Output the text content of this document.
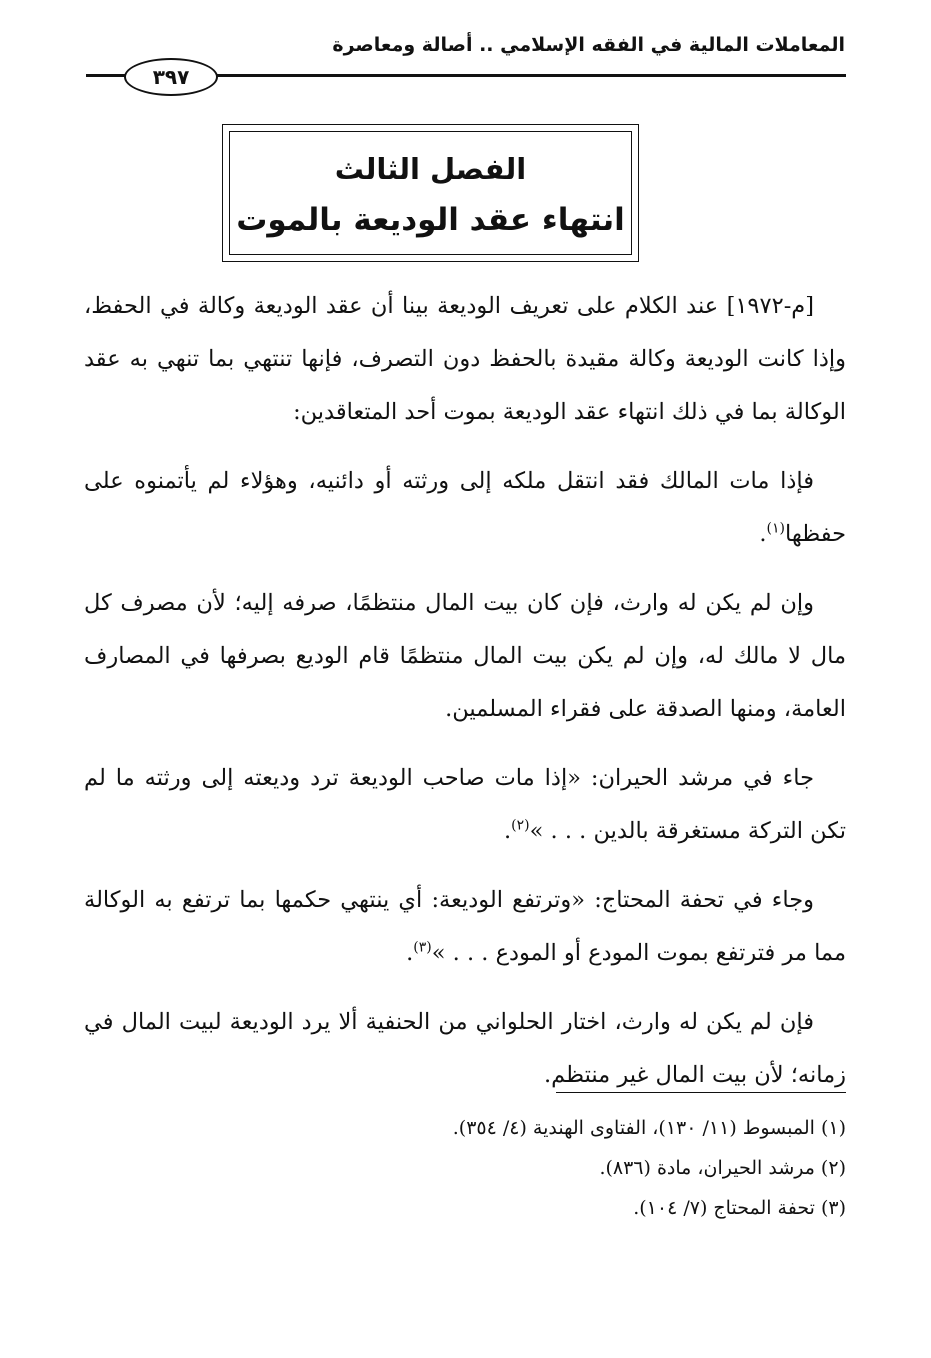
المعاملات المالية في الفقه الإسلامي .. أصالة ومعاصرة
٣٩٧
الفصل الثالث
انتهاء عقد الوديعة بالموت

[م-١٩٧٢] عند الكلام على تعريف الوديعة بينا أن عقد الوديعة وكالة في الحفظ، وإذا كانت الوديعة وكالة مقيدة بالحفظ دون التصرف، فإنها تنتهي بما تنهي به عقد الوكالة بما في ذلك انتهاء عقد الوديعة بموت أحد المتعاقدين:

فإذا مات المالك فقد انتقل ملكه إلى ورثته أو دائنيه، وهؤلاء لم يأتمنوه على حفظها$^{(١)}$.

وإن لم يكن له وارث، فإن كان بيت المال منتظمًا، صرفه إليه؛ لأن مصرف كل مال لا مالك له، وإن لم يكن بيت المال منتظمًا قام الوديع بصرفها في المصارف العامة، ومنها الصدقة على فقراء المسلمين.

جاء في مرشد الحيران: «إذا مات صاحب الوديعة ترد وديعته إلى ورثته ما لم تكن التركة مستغرقة بالدين . . . »$^{(٢)}$.

وجاء في تحفة المحتاج: «وترتفع الوديعة: أي ينتهي حكمها بما ترتفع به الوكالة مما مر فترتفع بموت المودع أو المودع . . . »$^{(٣)}$.

فإن لم يكن له وارث، اختار الحلواني من الحنفية ألا يرد الوديعة لبيت المال في زمانه؛ لأن بيت المال غير منتظم.

(١) المبسوط (١١/ ١٣٠)، الفتاوى الهندية (٤/ ٣٥٤).
(٢) مرشد الحيران، مادة (٨٣٦).
(٣) تحفة المحتاج (٧/ ١٠٤).
